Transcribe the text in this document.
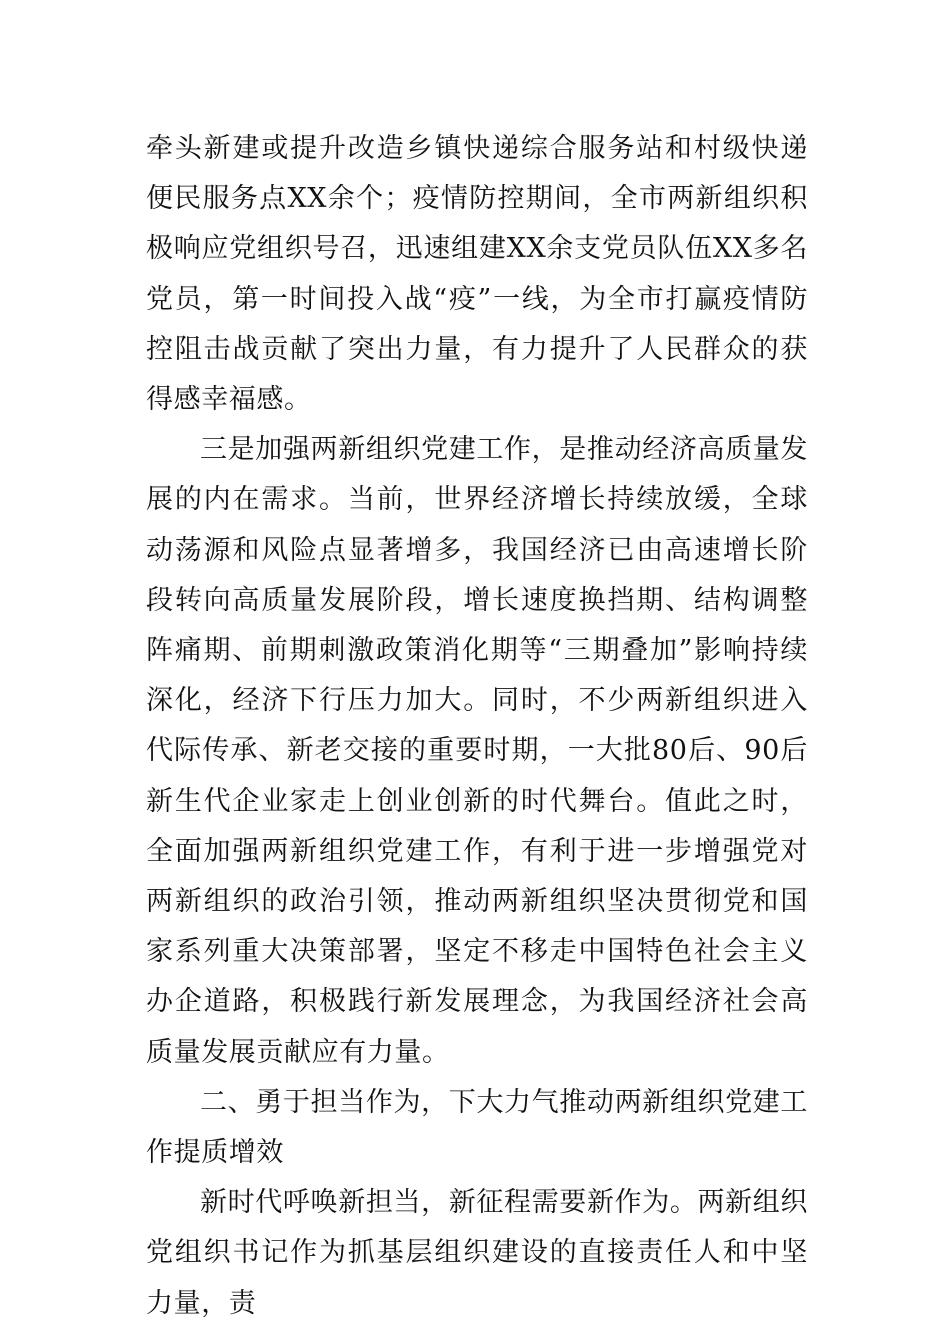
牵头新建或提升改造乡镇快递综合服务站和村级快递便民服务点XX余个；疫情防控期间，全市两新组织积极响应党组织号召，迅速组建XX余支党员队伍XX多名党员，第一时间投入战“疫”一线，为全市打赢疫情防控阻击战贡献了突出力量，有力提升了人民群众的获得感幸福感。

三是加强两新组织党建工作，是推动经济高质量发展的内在需求。当前，世界经济增长持续放缓，全球动荡源和风险点显著增多，我国经济已由高速增长阶段转向高质量发展阶段，增长速度换挡期、结构调整阵痛期、前期刺激政策消化期等“三期叠加”影响持续深化，经济下行压力加大。同时，不少两新组织进入代际传承、新老交接的重要时期，一大批80后、90后新生代企业家走上创业创新的时代舞台。值此之时，全面加强两新组织党建工作，有利于进一步增强党对两新组织的政治引领，推动两新组织坚决贯彻党和国家系列重大决策部署，坚定不移走中国特色社会主义办企道路，积极践行新发展理念，为我国经济社会高质量发展贡献应有力量。

二、勇于担当作为，下大力气推动两新组织党建工作提质增效

新时代呼唤新担当，新征程需要新作为。两新组织党组织书记作为抓基层组织建设的直接责任人和中坚力量，责
